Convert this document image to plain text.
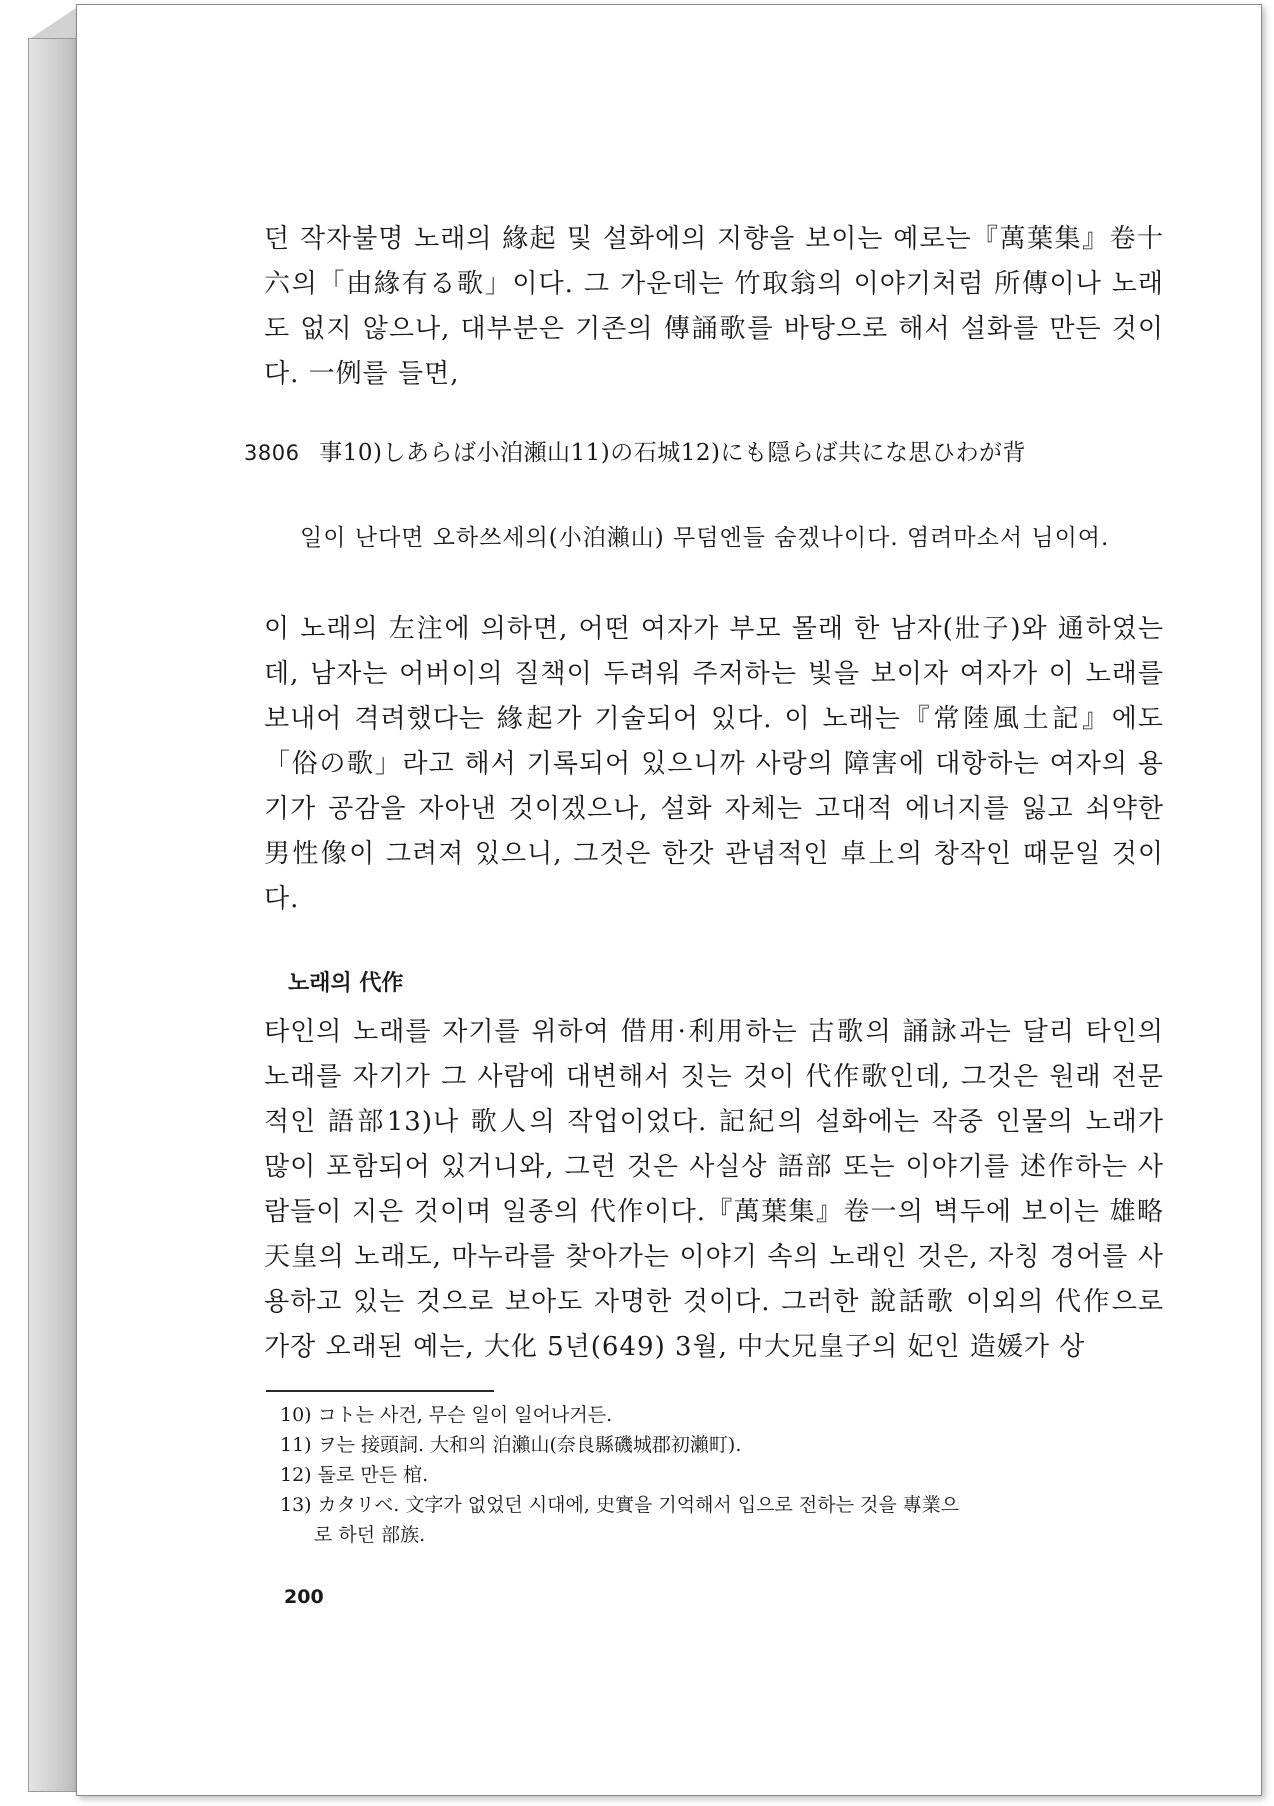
던 작자불명 노래의 緣起 및 설화에의 지향을 보이는 예로는『萬葉集』卷十六의「由緣有る歌」이다. 그 가운데는 竹取翁의 이야기처럼 所傳이나 노래도 없지 않으나, 대부분은 기존의 傳誦歌를 바탕으로 해서 설화를 만든 것이다. 一例를 들면,

3806 事10)しあらば小泊瀬山11)の石城12)にも隠らば共にな思ひわが背

일이 난다면 오하쓰세의(小泊瀨山) 무덤엔들 숨겠나이다. 염려마소서 님이여.

이 노래의 左注에 의하면, 어떤 여자가 부모 몰래 한 남자(壯子)와 通하였는데, 남자는 어버이의 질책이 두려워 주저하는 빛을 보이자 여자가 이 노래를 보내어 격려했다는 緣起가 기술되어 있다. 이 노래는『常陸風土記』에도「俗の歌」라고 해서 기록되어 있으니까 사랑의 障害에 대항하는 여자의 용기가 공감을 자아낸 것이겠으나, 설화 자체는 고대적 에너지를 잃고 쇠약한 男性像이 그려져 있으니, 그것은 한갓 관념적인 卓上의 창작인 때문일 것이다.

노래의 代作

타인의 노래를 자기를 위하여 借用·利用하는 古歌의 誦詠과는 달리 타인의 노래를 자기가 그 사람에 대변해서 짓는 것이 代作歌인데, 그것은 원래 전문적인 語部13)나 歌人의 작업이었다. 記紀의 설화에는 작중 인물의 노래가 많이 포함되어 있거니와, 그런 것은 사실상 語部 또는 이야기를 述作하는 사람들이 지은 것이며 일종의 代作이다.『萬葉集』卷一의 벽두에 보이는 雄略天皇의 노래도, 마누라를 찾아가는 이야기 속의 노래인 것은, 자칭 경어를 사용하고 있는 것으로 보아도 자명한 것이다. 그러한 說話歌 이외의 代作으로 가장 오래된 예는, 大化 5년(649) 3월, 中大兄皇子의 妃인 造媛가 상

10) コト는 사건, 무슨 일이 일어나거든.

11) ヲ는 接頭詞. 大和의 泊瀨山(奈良縣磯城郡初瀨町).

12) 돌로 만든 棺.

13) カタリベ. 文字가 없었던 시대에, 史實을 기억해서 입으로 전하는 것을 專業으

로 하던 部族.

200
